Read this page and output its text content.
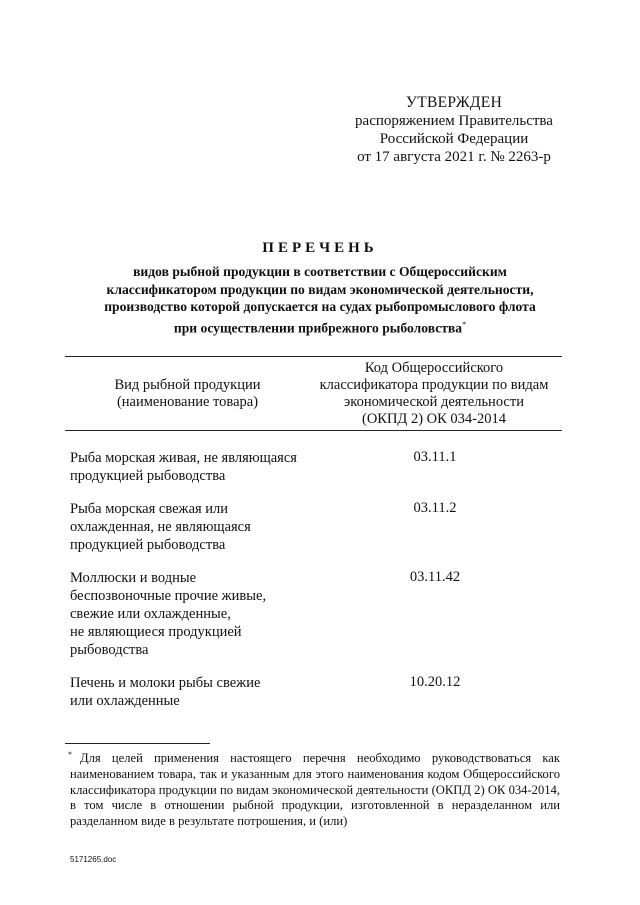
УТВЕРЖДЕН
распоряжением Правительства
Российской Федерации
от 17 августа 2021 г. № 2263-р
ПЕРЕЧЕНЬ
видов рыбной продукции в соответствии с Общероссийским
классификатором продукции по видам экономической деятельности,
производство которой допускается на судах рыбопромыслового флота
при осуществлении прибрежного рыболовства*
Вид рыбной продукции
(наименование товара)
Код Общероссийского
классификатора продукции по видам
экономической деятельности
(ОКПД 2) ОК 034-2014
Рыба морская живая, не являющаяся
продукцией рыбоводства
03.11.1
Рыба морская свежая или
охлажденная, не являющаяся
продукцией рыбоводства
03.11.2
Моллюски и водные
беспозвоночные прочие живые,
свежие или охлажденные,
не являющиеся продукцией
рыбоводства
03.11.42
Печень и молоки рыбы свежие
или охлажденные
10.20.12
* Для целей применения настоящего перечня необходимо руководствоваться как наименованием товара, так и указанным для этого наименования кодом Общероссийского классификатора продукции по видам экономической деятельности (ОКПД 2) ОК 034-2014, в том числе в отношении рыбной продукции, изготовленной в неразделанном или разделанном виде в результате потрошения, и (или)
5171265.doc
